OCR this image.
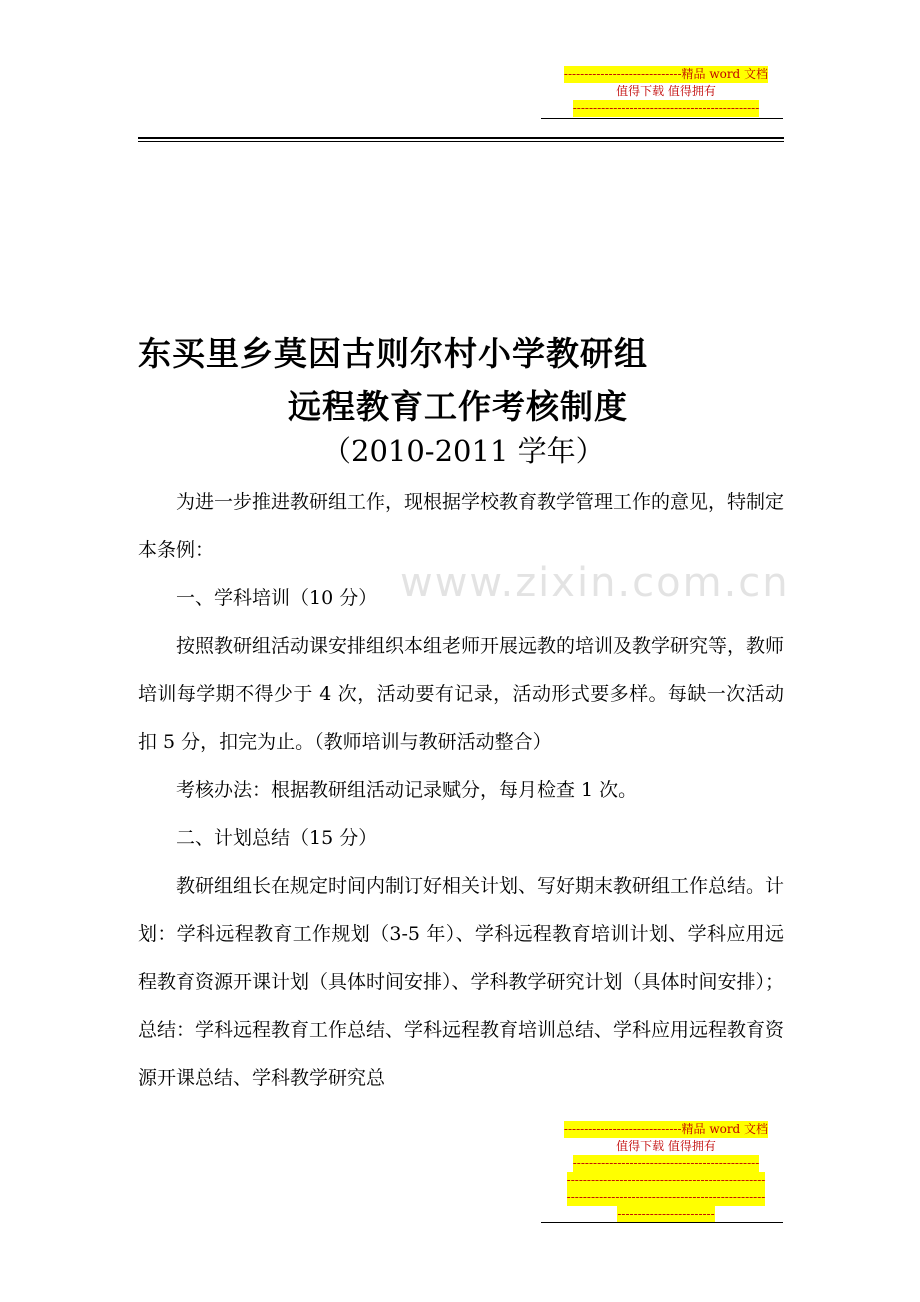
-----------------------------精品 word 文档
值得下载 值得拥有
----------------------------------------------
东买里乡莫因古则尔村小学教研组
远程教育工作考核制度
（2010-2011 学年）
www.zixin.com.cn

为进一步推进教研组工作，现根据学校教育教学管理工作的意见，特制定本条例：

一、学科培训（10 分）

按照教研组活动课安排组织本组老师开展远教的培训及教学研究等，教师培训每学期不得少于 4 次，活动要有记录，活动形式要多样。每缺一次活动扣 5 分，扣完为止。（教师培训与教研活动整合）

考核办法：根据教研组活动记录赋分，每月检查 1 次。

二、计划总结（15 分）

教研组组长在规定时间内制订好相关计划、写好期末教研组工作总结。计划：学科远程教育工作规划（3-5 年）、学科远程教育培训计划、学科应用远程教育资源开课计划（具体时间安排）、学科教学研究计划（具体时间安排）；总结：学科远程教育工作总结、学科远程教育培训总结、学科应用远程教育资源开课总结、学科教学研究总

-----------------------------精品 word 文档
值得下载 值得拥有
----------------------------------------------
-------------------------------------------------
-------------------------------------------------
------------------------
